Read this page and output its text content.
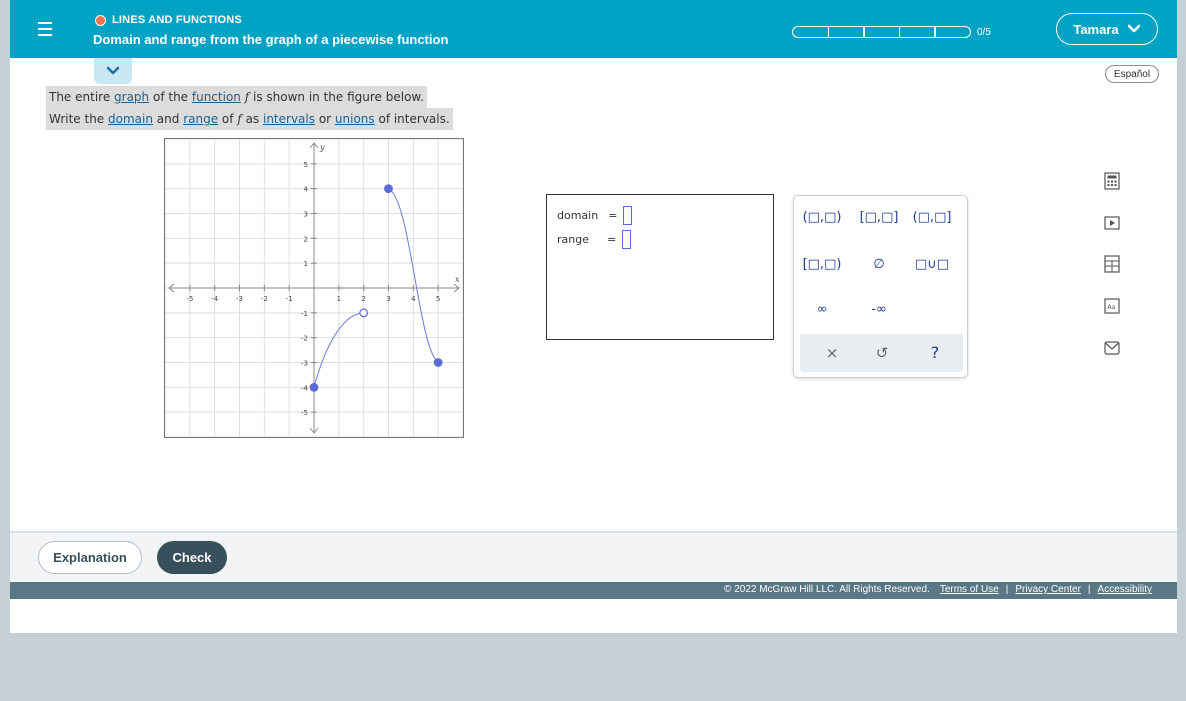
LINES AND FUNCTIONS
Domain and range from the graph of a piecewise function	0/5	Tamara
Español
The entire graph of the function f is shown in the figure below.
Write the domain and range of f as intervals or unions of intervals.
-5	-4	-3	-2	-1	1	2	3	4	5
5
4
3
2
1
-1
-2
-3
-4
-5
x
y
domain =
range =
(□,□)	[□,□]	(□,□]
[□,□)	∅	□∪□
∞	-∞
×	↺	?
Aa
Explanation	Check
© 2022 McGraw Hill LLC. All Rights Reserved. Terms of Use | Privacy Center | Accessibility
